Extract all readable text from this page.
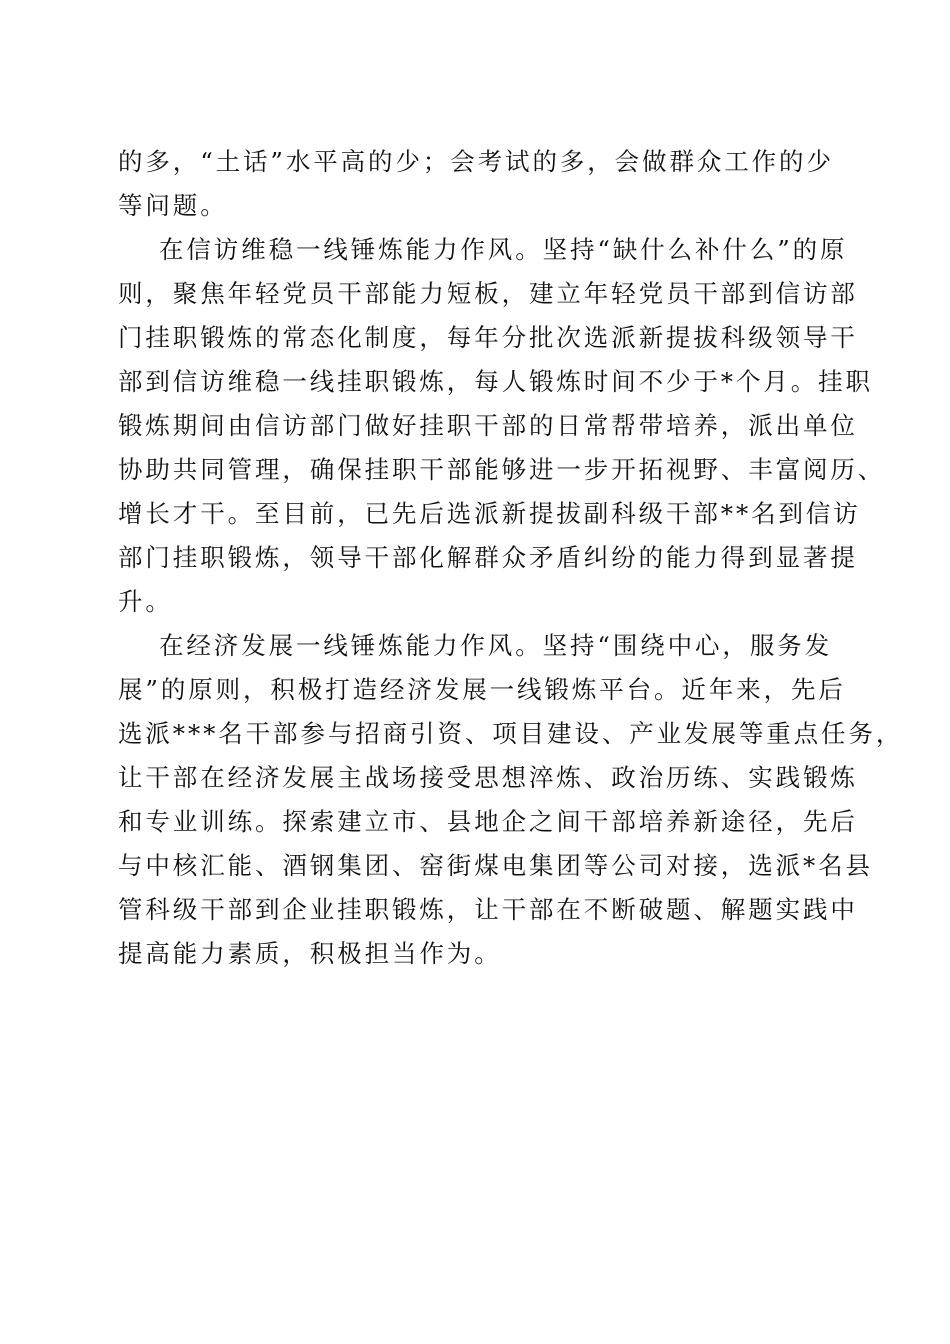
的多，“土话”水平高的少；会考试的多，会做群众工作的少
等问题。
在信访维稳一线锤炼能力作风。坚持“缺什么补什么”的原
则，聚焦年轻党员干部能力短板，建立年轻党员干部到信访部
门挂职锻炼的常态化制度，每年分批次选派新提拔科级领导干
部到信访维稳一线挂职锻炼，每人锻炼时间不少于*个月。挂职
锻炼期间由信访部门做好挂职干部的日常帮带培养，派出单位
协助共同管理，确保挂职干部能够进一步开拓视野、丰富阅历、
增长才干。至目前，已先后选派新提拔副科级干部**名到信访
部门挂职锻炼，领导干部化解群众矛盾纠纷的能力得到显著提
升。
在经济发展一线锤炼能力作风。坚持“围绕中心，服务发
展”的原则，积极打造经济发展一线锻炼平台。近年来，先后
选派***名干部参与招商引资、项目建设、产业发展等重点任务，
让干部在经济发展主战场接受思想淬炼、政治历练、实践锻炼
和专业训练。探索建立市、县地企之间干部培养新途径，先后
与中核汇能、酒钢集团、窑街煤电集团等公司对接，选派*名县
管科级干部到企业挂职锻炼，让干部在不断破题、解题实践中
提高能力素质，积极担当作为。
